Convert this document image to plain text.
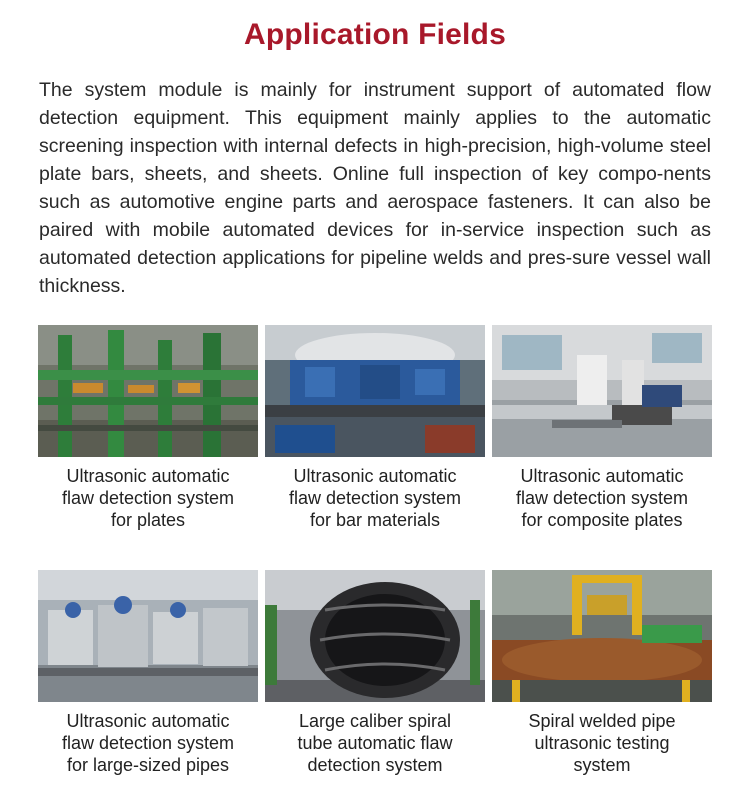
Application Fields
The system module is mainly for instrument support of automated flow detection equipment. This equipment mainly applies to the automatic screening inspection with internal defects in high-precision, high-volume steel plate bars, sheets, and sheets. Online full inspection of key compo-nents such as automotive engine parts and aerospace fasteners. It can also be paired with mobile automated devices for in-service inspection such as automated detection applications for pipeline welds and pres-sure vessel wall thickness.
Ultrasonic automatic
flaw detection system
for plates
Ultrasonic automatic
flaw detection system
for bar materials
Ultrasonic automatic
flaw detection system
for composite plates
Ultrasonic automatic
flaw detection system
for large-sized pipes
Large caliber spiral
tube automatic flaw
detection system
Spiral welded pipe
ultrasonic testing
system
